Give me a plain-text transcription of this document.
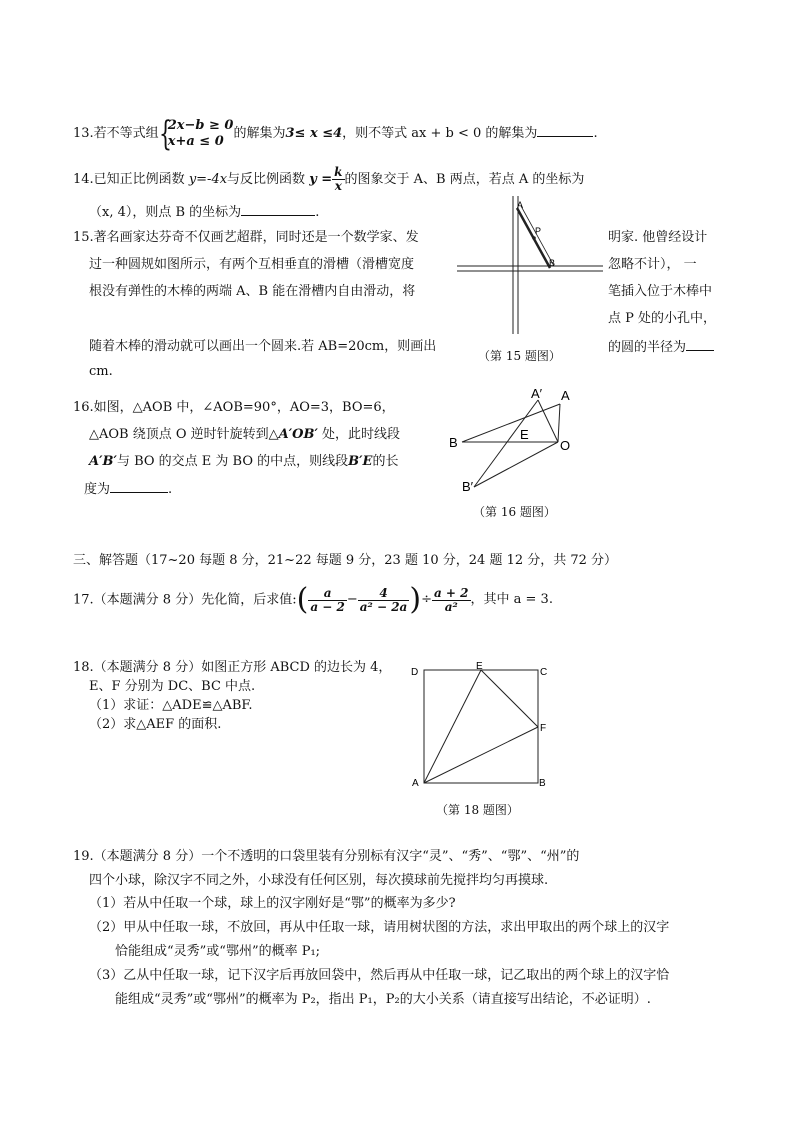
13.若不等式组 {
2x−b ≥ 0
x+a ≤ 0 的解集为3≤ x ≤4，则不等式 ax + b < 0 的解集为	.
14.已知正比例函数 y=-4x与反比例函数 $y = \frac{k}{x}$ 的图象交于 A、B 两点，若点 A 的坐标为
（x, 4），则点 B 的坐标为	.
15.著名画家达芬奇不仅画艺超群，同时还是一个数学家、发
过一种圆规如图所示，有两个互相垂直的滑槽（滑槽宽度
根没有弹性的木棒的两端 A、B 能在滑槽内自由滑动，将
随着木棒的滑动就可以画出一个圆来.若 AB=20cm，则画出
cm.
明家. 他曾经设计
忽略不计）， 一
笔插入位于木棒中
点 P 处的小孔中，
的圆的半径为
A
P
B
（第 15 题图）
16.如图，△AOB 中，∠AOB=90°，AO=3，BO=6，
△AOB 绕顶点 O 逆时针旋转到△A′OB′ 处，此时线段
A′B′与 BO 的交点 E 为 BO 的中点，则线段B′E的长
度为	.
A′ A
B
E
O
B′
（第 16 题图）
三、解答题（17~20 每题 8 分，21~22 每题 9 分，23 题 10 分，24 题 12 分，共 72 分）
17.（本题满分 8 分）先化简，后求值:( $\frac{a}{a - 2} - \frac{4}{\text{a² − 2a}}$ )÷ $\frac{a + 2}{\text{a²}}$ ，其中 a = 3.
18.（本题满分 8 分）如图正方形 ABCD 的边长为 4，
E、F 分别为 DC、BC 中点.
（1）求证：△ADE≌△ABF.
（2）求△AEF 的面积.
D
E
C
F
A	B
（第 18 题图）
19.（本题满分 8 分）一个不透明的口袋里装有分别标有汉字“灵”、“秀”、“鄂”、“州”的
四个小球，除汉字不同之外，小球没有任何区别，每次摸球前先搅拌均匀再摸球.
（1）若从中任取一个球，球上的汉字刚好是“鄂”的概率为多少?
（2）甲从中任取一球，不放回，再从中任取一球，请用树状图的方法，求出甲取出的两个球上的汉字
恰能组成“灵秀”或“鄂州”的概率 P₁;
（3）乙从中任取一球，记下汉字后再放回袋中，然后再从中任取一球，记乙取出的两个球上的汉字恰
能组成“灵秀”或“鄂州”的概率为 P₂，指出 P₁，P₂的大小关系（请直接写出结论，不必证明）.
